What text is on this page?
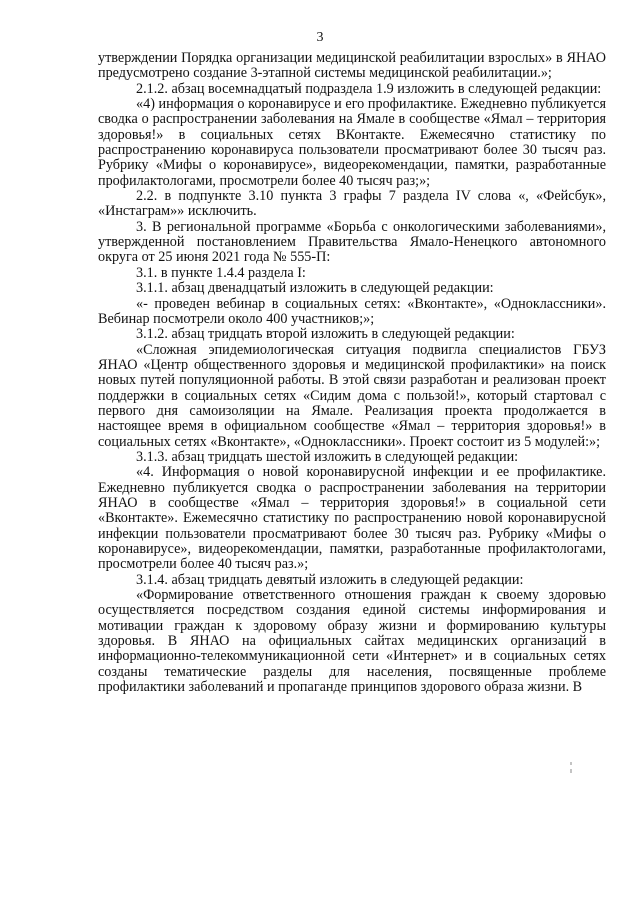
3

утверждении Порядка организации медицинской реабилитации взрослых» в ЯНАО предусмотрено создание 3-этапной системы медицинской реабилитации.»;

2.1.2. абзац восемнадцатый подраздела 1.9 изложить в следующей редакции:

«4) информация о коронавирусе и его профилактике. Ежедневно публикуется сводка о распространении заболевания на Ямале в сообществе «Ямал – территория здоровья!» в социальных сетях ВКонтакте. Ежемесячно статистику по распространению коронавируса пользователи просматривают более 30 тысяч раз. Рубрику «Мифы о коронавирусе», видеорекомендации, памятки, разработанные профилактологами, просмотрели более 40 тысяч раз;»;

2.2. в подпункте 3.10 пункта 3 графы 7 раздела IV слова «, «Фейсбук», «Инстаграм»» исключить.

3. В региональной программе «Борьба с онкологическими заболеваниями», утвержденной постановлением Правительства Ямало-Ненецкого автономного округа от 25 июня 2021 года № 555-П:

3.1. в пункте 1.4.4 раздела I:

3.1.1. абзац двенадцатый изложить в следующей редакции:

«- проведен вебинар в социальных сетях: «Вконтакте», «Одноклассники». Вебинар посмотрели около 400 участников;»;

3.1.2. абзац тридцать второй изложить в следующей редакции:

«Сложная эпидемиологическая ситуация подвигла специалистов ГБУЗ ЯНАО «Центр общественного здоровья и медицинской профилактики» на поиск новых путей популяционной работы. В этой связи разработан и реализован проект поддержки в социальных сетях «Сидим дома с пользой!», который стартовал с первого дня самоизоляции на Ямале. Реализация проекта продолжается в настоящее время в официальном сообществе «Ямал – территория здоровья!» в социальных сетях «Вконтакте», «Одноклассники». Проект состоит из 5 модулей:»;

3.1.3. абзац тридцать шестой изложить в следующей редакции:

«4. Информация о новой коронавирусной инфекции и ее профилактике. Ежедневно публикуется сводка о распространении заболевания на территории ЯНАО в сообществе «Ямал – территория здоровья!» в социальной сети «Вконтакте». Ежемесячно статистику по распространению новой коронавирусной инфекции пользователи просматривают более 30 тысяч раз. Рубрику «Мифы о коронавирусе», видеорекомендации, памятки, разработанные профилактологами, просмотрели более 40 тысяч раз.»;

3.1.4. абзац тридцать девятый изложить в следующей редакции:

«Формирование ответственного отношения граждан к своему здоровью осуществляется посредством создания единой системы информирования и мотивации граждан к здоровому образу жизни и формированию культуры здоровья. В ЯНАО на официальных сайтах медицинских организаций в информационно-телекоммуникационной сети «Интернет» и в социальных сетях созданы тематические разделы для населения, посвященные проблеме профилактики заболеваний и пропаганде принципов здорового образа жизни. В
